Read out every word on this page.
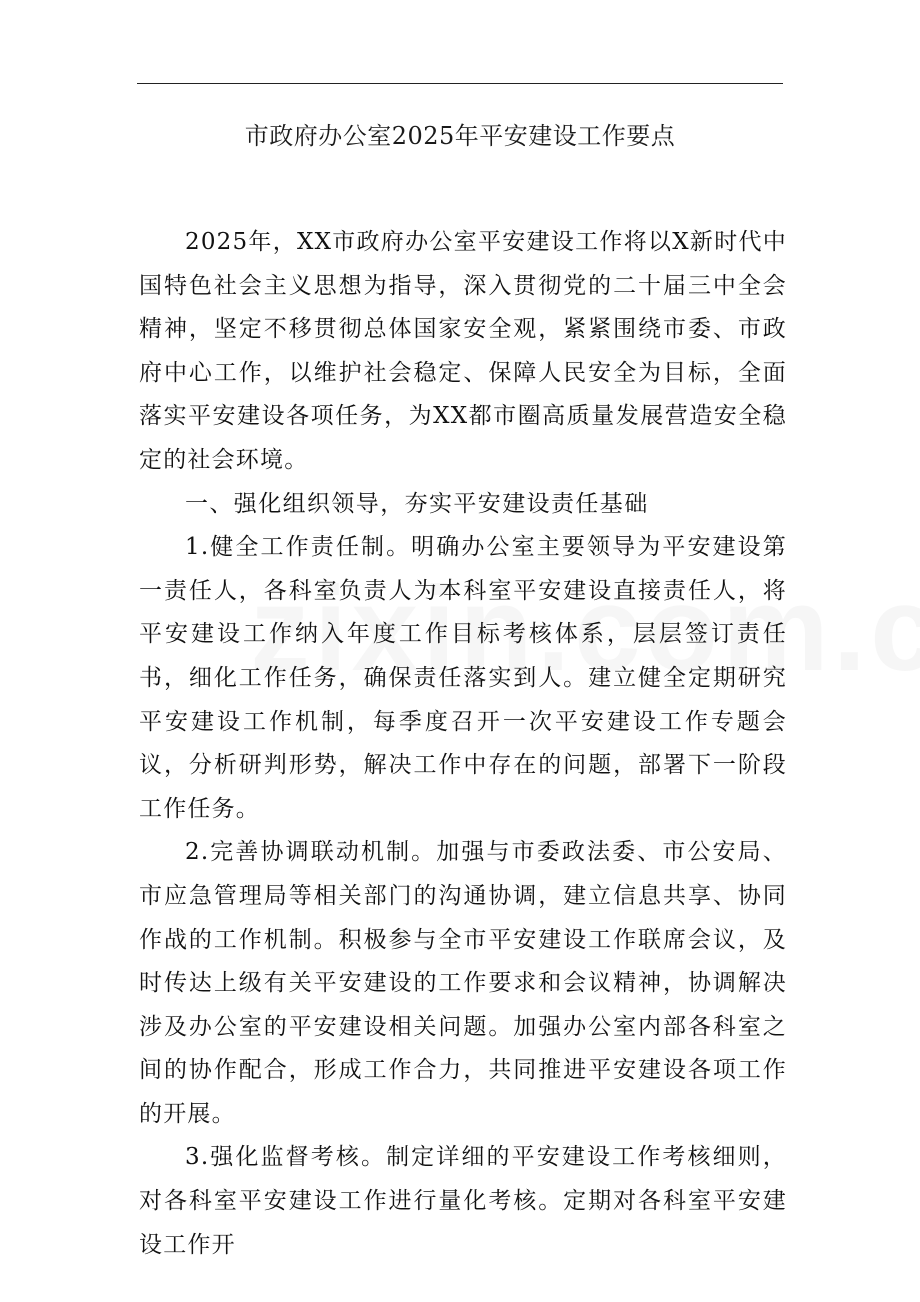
市政府办公室2025年平安建设工作要点

2025年，XX市政府办公室平安建设工作将以X新时代中国特色社会主义思想为指导，深入贯彻党的二十届三中全会精神，坚定不移贯彻总体国家安全观，紧紧围绕市委、市政府中心工作，以维护社会稳定、保障人民安全为目标，全面落实平安建设各项任务，为XX都市圈高质量发展营造安全稳定的社会环境。

一、强化组织领导，夯实平安建设责任基础

1.健全工作责任制。明确办公室主要领导为平安建设第一责任人，各科室负责人为本科室平安建设直接责任人，将平安建设工作纳入年度工作目标考核体系，层层签订责任书，细化工作任务，确保责任落实到人。建立健全定期研究平安建设工作机制，每季度召开一次平安建设工作专题会议，分析研判形势，解决工作中存在的问题，部署下一阶段工作任务。

2.完善协调联动机制。加强与市委政法委、市公安局、市应急管理局等相关部门的沟通协调，建立信息共享、协同作战的工作机制。积极参与全市平安建设工作联席会议，及时传达上级有关平安建设的工作要求和会议精神，协调解决涉及办公室的平安建设相关问题。加强办公室内部各科室之间的协作配合，形成工作合力，共同推进平安建设各项工作的开展。

3.强化监督考核。制定详细的平安建设工作考核细则，对各科室平安建设工作进行量化考核。定期对各科室平安建设工作开
